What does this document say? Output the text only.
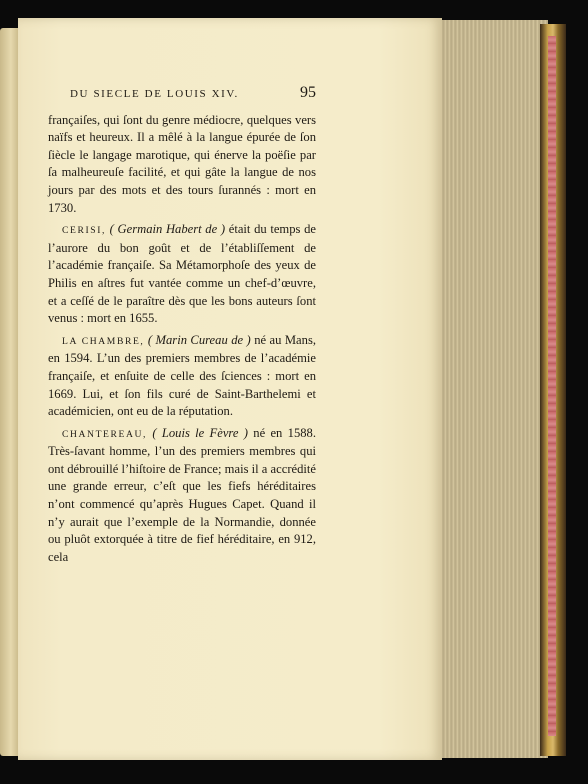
DU SIECLE DE LOUIS XIV.	95

françaiſes, qui ſont du genre médiocre, quelques vers naïfs et heureux. Il a mêlé à la langue épurée de ſon ſiècle le langage marotique, qui énerve la poëſie par ſa malheureuſe facilité, et qui gâte la langue de nos jours par des mots et des tours ſurannés : mort en 1730.

CERISI, ( Germain Habert de ) était du temps de l’aurore du bon goût et de l’établiſſement de l’académie françaiſe. Sa Métamorphoſe des yeux de Philis en aſtres fut vantée comme un chef-d’œuvre, et a ceſſé de le paraître dès que les bons auteurs ſont venus : mort en 1655.

LA CHAMBRE, ( Marin Cureau de ) né au Mans, en 1594. L’un des premiers membres de l’académie françaiſe, et enſuite de celle des ſciences : mort en 1669. Lui, et ſon fils curé de Saint-Barthelemi et académicien, ont eu de la réputation.

CHANTEREAU, ( Louis le Fèvre ) né en 1588. Très-ſavant homme, l’un des premiers membres qui ont débrouillé l’hiſtoire de France; mais il a accrédité une grande erreur, c’eſt que les fiefs héréditaires n’ont commencé qu’après Hugues Capet. Quand il n’y aurait que l’exemple de la Normandie, donnée ou pluôt extorquée à titre de fief héréditaire, en 912, cela
